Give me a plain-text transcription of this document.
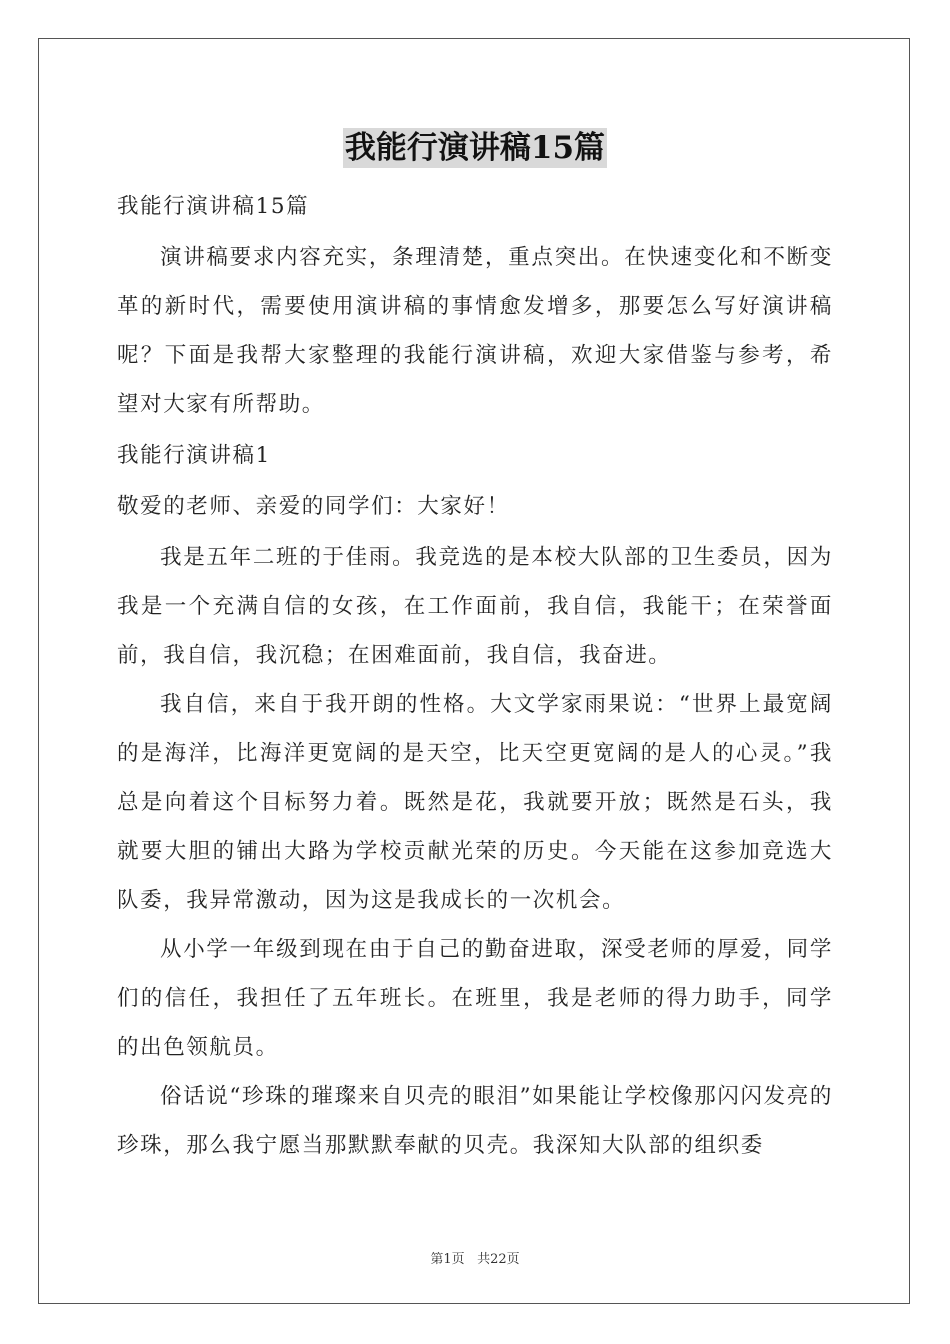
我能行演讲稿15篇

我能行演讲稿15篇

演讲稿要求内容充实，条理清楚，重点突出。在快速变化和不断变革的新时代，需要使用演讲稿的事情愈发增多，那要怎么写好演讲稿呢？下面是我帮大家整理的我能行演讲稿，欢迎大家借鉴与参考，希望对大家有所帮助。

我能行演讲稿1

敬爱的老师、亲爱的同学们：大家好！

我是五年二班的于佳雨。我竞选的是本校大队部的卫生委员，因为我是一个充满自信的女孩，在工作面前，我自信，我能干；在荣誉面前，我自信，我沉稳；在困难面前，我自信，我奋进。

我自信，来自于我开朗的性格。大文学家雨果说：“世界上最宽阔的是海洋，比海洋更宽阔的是天空，比天空更宽阔的是人的心灵。”我总是向着这个目标努力着。既然是花，我就要开放；既然是石头，我就要大胆的铺出大路为学校贡献光荣的历史。今天能在这参加竞选大队委，我异常激动，因为这是我成长的一次机会。

从小学一年级到现在由于自己的勤奋进取，深受老师的厚爱，同学们的信任，我担任了五年班长。在班里，我是老师的得力助手，同学的出色领航员。

俗话说“珍珠的璀璨来自贝壳的眼泪”如果能让学校像那闪闪发亮的珍珠，那么我宁愿当那默默奉献的贝壳。我深知大队部的组织委

第1页 共22页
